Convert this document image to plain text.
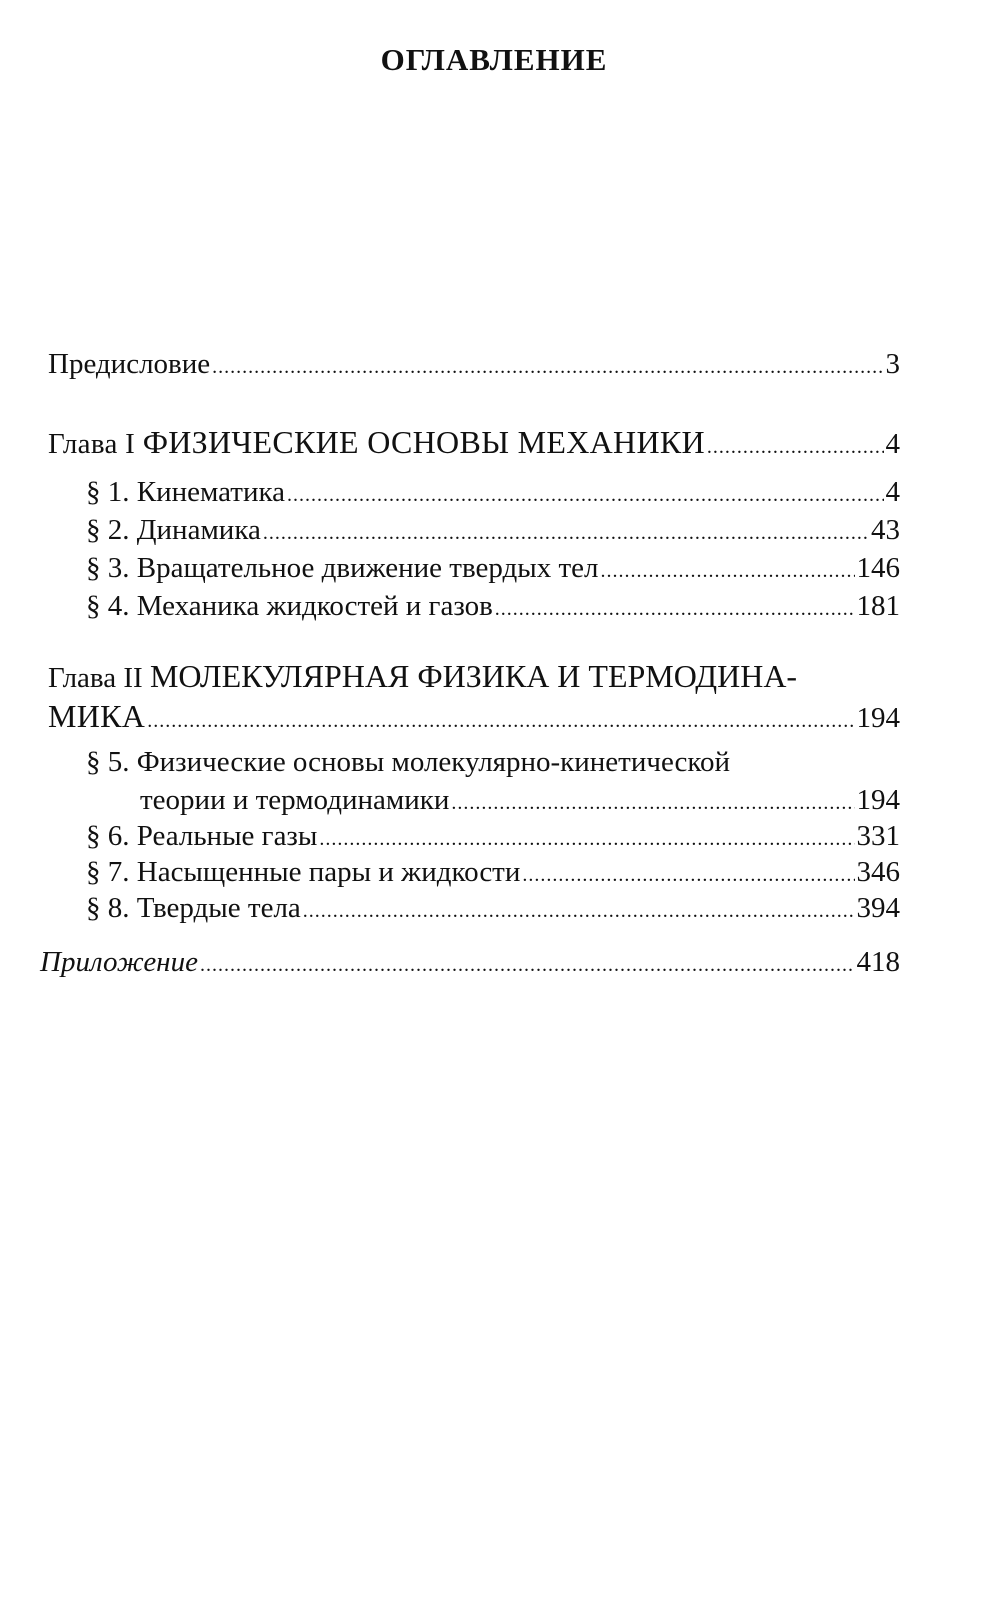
ОГЛАВЛЕНИЕ
Предисловие .....	3
Глава I ФИЗИЧЕСКИЕ ОСНОВЫ МЕХАНИКИ .....	4
§ 1. Кинематика .....	4
§ 2. Динамика .....	43
§ 3. Вращательное движение твердых тел .....	146
§ 4. Механика жидкостей и газов .....	181
Глава II МОЛЕКУЛЯРНАЯ ФИЗИКА И ТЕРМОДИНА-
МИКА .....	194
§ 5. Физические основы молекулярно-кинетической
теории и термодинамики .....	194
§ 6. Реальные газы .....	331
§ 7. Насыщенные пары и жидкости .....	346
§ 8. Твердые тела .....	394
Приложение .....	418
